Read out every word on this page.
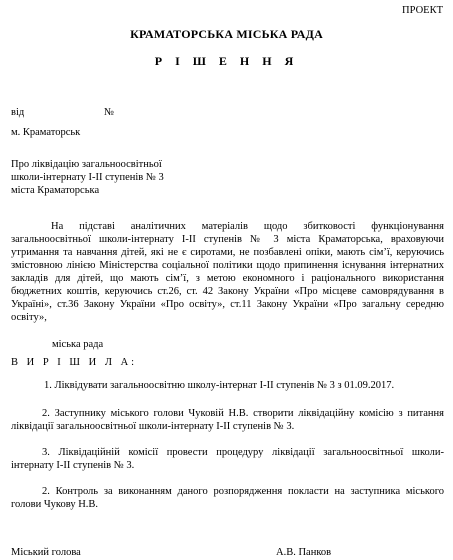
ПРОЕКТ

КРАМАТОРСЬКА МІСЬКА РАДА
Р І Ш Е Н Н Я

від	№

м. Краматорськ

Про ліквідацію загальноосвітньої
школи-інтернату І-ІІ ступенів № 3
міста Краматорська

На підставі аналітичних матеріалів щодо збитковості функціонування загальноосвітньої школи-інтернату І-ІІ ступенів № 3 міста Краматорська, враховуючи утримання та навчання дітей, які не є сиротами, не позбавлені опіки, мають сім’ї, керуючись змістовною лінією Міністерства соціальної політики щодо припинення існування інтернатних закладів для дітей, що мають сім’ї, з метою економного і раціонального використання бюджетних коштів, керуючись ст.26, ст. 42 Закону України «Про місцеве самоврядування в Україні», ст.36 Закону України «Про освіту», ст.11 Закону України «Про загальну середню освіту»,

міська рада

В И Р І Ш И Л А:

1. Ліквідувати загальноосвітню школу-інтернат І-ІІ ступенів № 3 з 01.09.2017.

2. Заступнику міського голови Чуковій Н.В. створити ліквідаційну комісію з питання ліквідації загальноосвітньої школи-інтернату І-ІІ ступенів № 3.

3. Ліквідаційній комісії провести процедуру ліквідації загальноосвітньої школи-інтернату І-ІІ ступенів № 3.

2. Контроль за виконанням даного розпорядження покласти на заступника міського голови Чукову Н.В.

Міський голова	А.В. Панков
